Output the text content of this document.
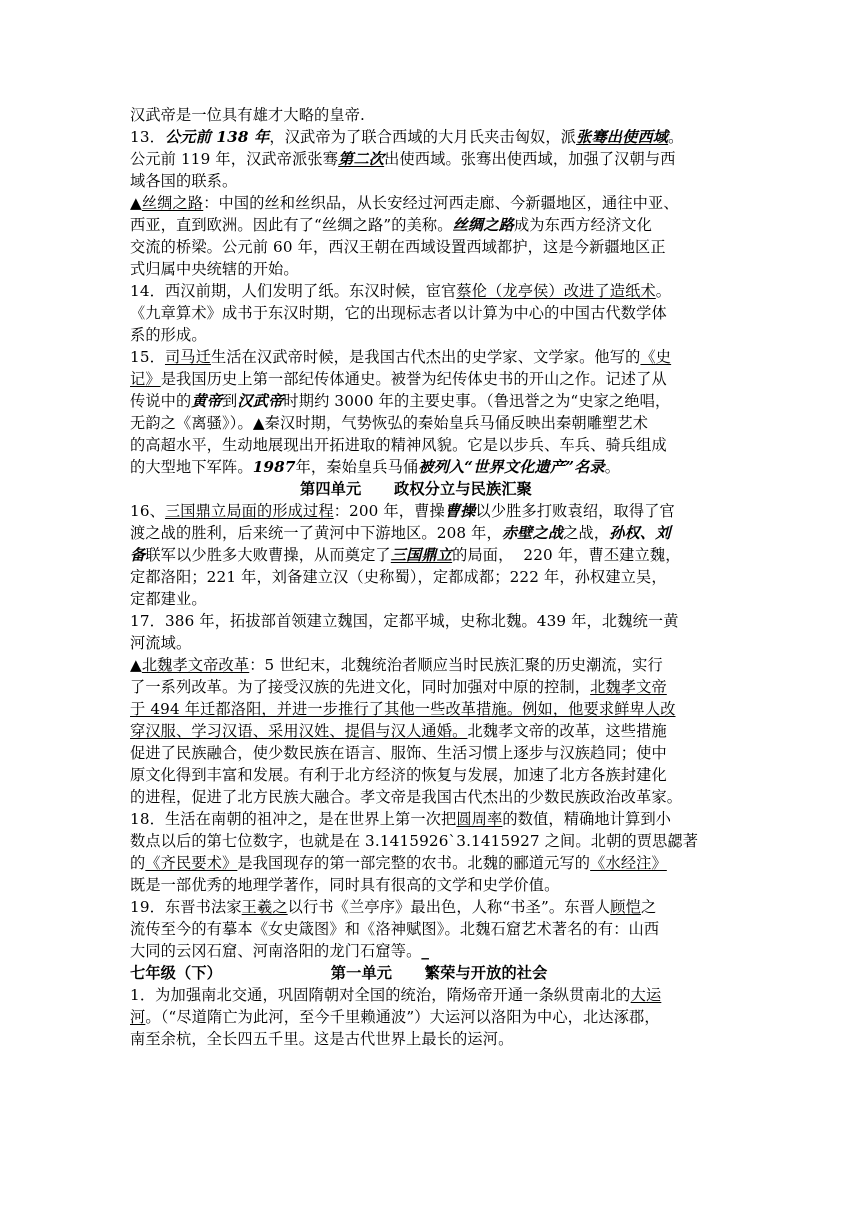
汉武帝是一位具有雄才大略的皇帝.
13．公元前 138 年，汉武帝为了联合西域的大月氏夹击匈奴，派张骞出使西域。
公元前 119 年，汉武帝派张骞第二次出使西域。张骞出使西域，加强了汉朝与西
域各国的联系。
▲丝绸之路：中国的丝和丝织品，从长安经过河西走廊、今新疆地区，通往中亚、
西亚，直到欧洲。因此有了“丝绸之路”的美称。丝绸之路成为东西方经济文化
交流的桥梁。公元前 60 年，西汉王朝在西域设置西域都护，这是今新疆地区正
式归属中央统辖的开始。
14．西汉前期，人们发明了纸。东汉时候，宦官蔡伦（龙亭侯）改进了造纸术。
《九章算术》成书于东汉时期，它的出现标志者以计算为中心的中国古代数学体
系的形成。
15．司马迁生活在汉武帝时候，是我国古代杰出的史学家、文学家。他写的《史
记》是我国历史上第一部纪传体通史。被誉为纪传体史书的开山之作。记述了从
传说中的黄帝到汉武帝时期约 3000 年的主要史事。（鲁迅誉之为“史家之绝唱，
无韵之《离骚》）。▲秦汉时期，气势恢弘的秦始皇兵马俑反映出秦朝雕塑艺术
的高超水平，生动地展现出开拓进取的精神风貌。它是以步兵、车兵、骑兵组成
的大型地下军阵。1987年，秦始皇兵马俑被列入“世界文化遗产”名录。
第四单元 政权分立与民族汇聚
16、三国鼎立局面的形成过程：200 年，曹操曹操以少胜多打败袁绍，取得了官
渡之战的胜利，后来统一了黄河中下游地区。208 年，赤壁之战之战，孙权、刘
备联军以少胜多大败曹操，从而奠定了三国鼎立的局面，  220 年，曹丕建立魏，
定都洛阳；221 年，刘备建立汉（史称蜀），定都成都；222 年，孙权建立吴，
定都建业。
17．386 年，拓拔部首领建立魏国，定都平城，史称北魏。439 年，北魏统一黄
河流域。
▲北魏孝文帝改革：5 世纪末，北魏统治者顺应当时民族汇聚的历史潮流，实行
了一系列改革。为了接受汉族的先进文化，同时加强对中原的控制，北魏孝文帝
于 494 年迁都洛阳，并进一步推行了其他一些改革措施。例如，他要求鲜卑人改
穿汉服、学习汉语、采用汉姓、提倡与汉人通婚。北魏孝文帝的改革，这些措施
促进了民族融合，使少数民族在语言、服饰、生活习惯上逐步与汉族趋同；使中
原文化得到丰富和发展。有利于北方经济的恢复与发展，加速了北方各族封建化
的进程，促进了北方民族大融合。孝文帝是我国古代杰出的少数民族政治改革家。
18．生活在南朝的祖冲之，是在世界上第一次把圆周率的数值，精确地计算到小
数点以后的第七位数字，也就是在 3.1415926`3.1415927 之间。北朝的贾思勰著
的《齐民要术》是我国现存的第一部完整的农书。北魏的郦道元写的《水经注》
既是一部优秀的地理学著作，同时具有很高的文学和史学价值。
19．东晋书法家王羲之以行书《兰亭序》最出色，人称“书圣”。东晋人顾恺之
流传至今的有摹本《女史箴图》和《洛神赋图》。北魏石窟艺术著名的有：山西
大同的云冈石窟、河南洛阳的龙门石窟等。_
七年级（下）	第一单元 繁荣与开放的社会
1．为加强南北交通，巩固隋朝对全国的统治，隋炀帝开通一条纵贯南北的大运
河。（“尽道隋亡为此河，至今千里赖通波”）大运河以洛阳为中心，北达涿郡，
南至余杭，全长四五千里。这是古代世界上最长的运河。
